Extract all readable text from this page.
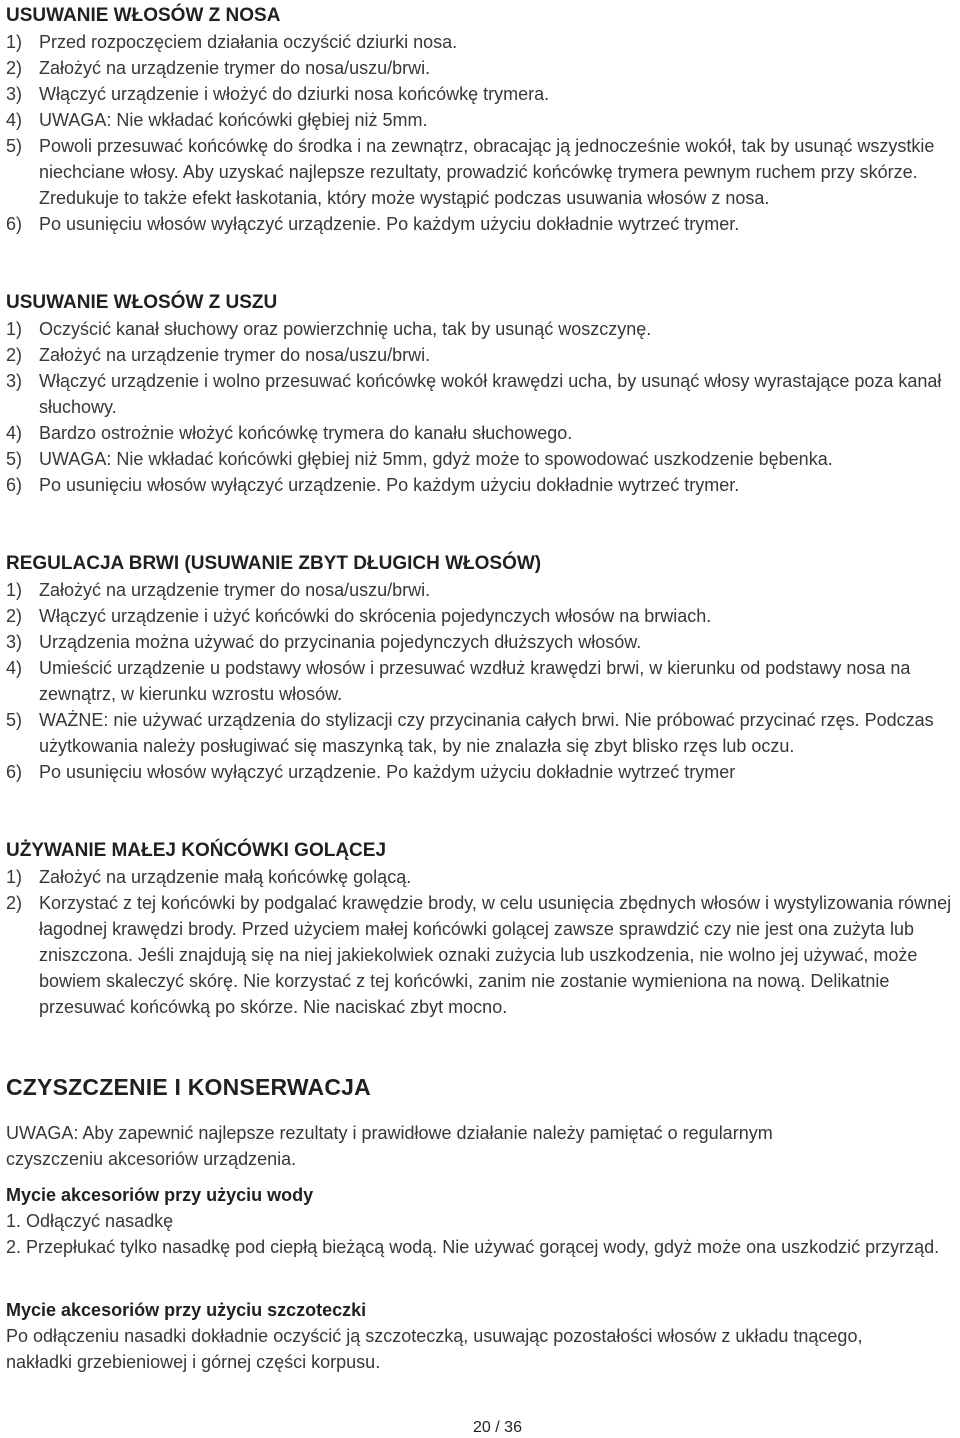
USUWANIE WŁOSÓW Z NOSA
1) Przed rozpoczęciem działania oczyścić dziurki nosa.
2) Założyć na urządzenie trymer do nosa/uszu/brwi.
3) Włączyć urządzenie i włożyć do dziurki nosa końcówkę trymera.
4) UWAGA: Nie wkładać końcówki głębiej niż 5mm.
5) Powoli przesuwać końcówkę do środka i na zewnątrz, obracając ją jednocześnie wokół, tak by usunąć wszystkie niechciane włosy. Aby uzyskać najlepsze rezultaty, prowadzić końcówkę trymera pewnym ruchem przy skórze. Zredukuje to także efekt łaskotania, który może wystąpić podczas usuwania włosów z nosa.
6) Po usunięciu włosów wyłączyć urządzenie. Po każdym użyciu dokładnie wytrzeć trymer.
USUWANIE WŁOSÓW Z USZU
1) Oczyścić kanał słuchowy oraz powierzchnię ucha, tak by usunąć woszczynę.
2) Założyć na urządzenie trymer do nosa/uszu/brwi.
3) Włączyć urządzenie i wolno przesuwać końcówkę wokół krawędzi ucha, by usunąć włosy wyrastające poza kanał słuchowy.
4) Bardzo ostrożnie włożyć końcówkę trymera do kanału słuchowego.
5) UWAGA: Nie wkładać końcówki głębiej niż 5mm, gdyż może to spowodować uszkodzenie bębenka.
6) Po usunięciu włosów wyłączyć urządzenie. Po każdym użyciu dokładnie wytrzeć trymer.
REGULACJA BRWI (USUWANIE ZBYT DŁUGICH WŁOSÓW)
1) Założyć na urządzenie trymer do nosa/uszu/brwi.
2) Włączyć urządzenie i użyć końcówki do skrócenia pojedynczych włosów na brwiach.
3) Urządzenia można używać do przycinania pojedynczych dłuższych włosów.
4) Umieścić urządzenie u podstawy włosów i przesuwać wzdłuż krawędzi brwi, w kierunku od podstawy nosa na zewnątrz, w kierunku wzrostu włosów.
5) WAŻNE: nie używać urządzenia do stylizacji czy przycinania całych brwi. Nie próbować przycinać rzęs. Podczas użytkowania należy posługiwać się maszynką tak, by nie znalazła się zbyt blisko rzęs lub oczu.
6) Po usunięciu włosów wyłączyć urządzenie. Po każdym użyciu dokładnie wytrzeć trymer
UŻYWANIE MAŁEJ KOŃCÓWKI GOLĄCEJ
1) Założyć na urządzenie małą końcówkę golącą.
2) Korzystać z tej końcówki by podgalać krawędzie brody, w celu usunięcia zbędnych włosów i wystylizowania równej łagodnej krawędzi brody. Przed użyciem małej końcówki golącej zawsze sprawdzić czy nie jest ona zużyta lub zniszczona. Jeśli znajdują się na niej jakiekolwiek oznaki zużycia lub uszkodzenia, nie wolno jej używać, może bowiem skaleczyć skórę. Nie korzystać z tej końcówki, zanim nie zostanie wymieniona na nową. Delikatnie przesuwać końcówką po skórze. Nie naciskać zbyt mocno.
CZYSZCZENIE I KONSERWACJA

UWAGA: Aby zapewnić najlepsze rezultaty i prawidłowe działanie należy pamiętać o regularnym czyszczeniu akcesoriów urządzenia.

Mycie akcesoriów przy użyciu wody

1. Odłączyć nasadkę

2. Przepłukać tylko nasadkę pod ciepłą bieżącą wodą. Nie używać gorącej wody, gdyż może ona uszkodzić przyrząd.

Mycie akcesoriów przy użyciu szczoteczki

Po odłączeniu nasadki dokładnie oczyścić ją szczoteczką, usuwając pozostałości włosów z układu tnącego, nakładki grzebieniowej i górnej części korpusu.

20 / 36
